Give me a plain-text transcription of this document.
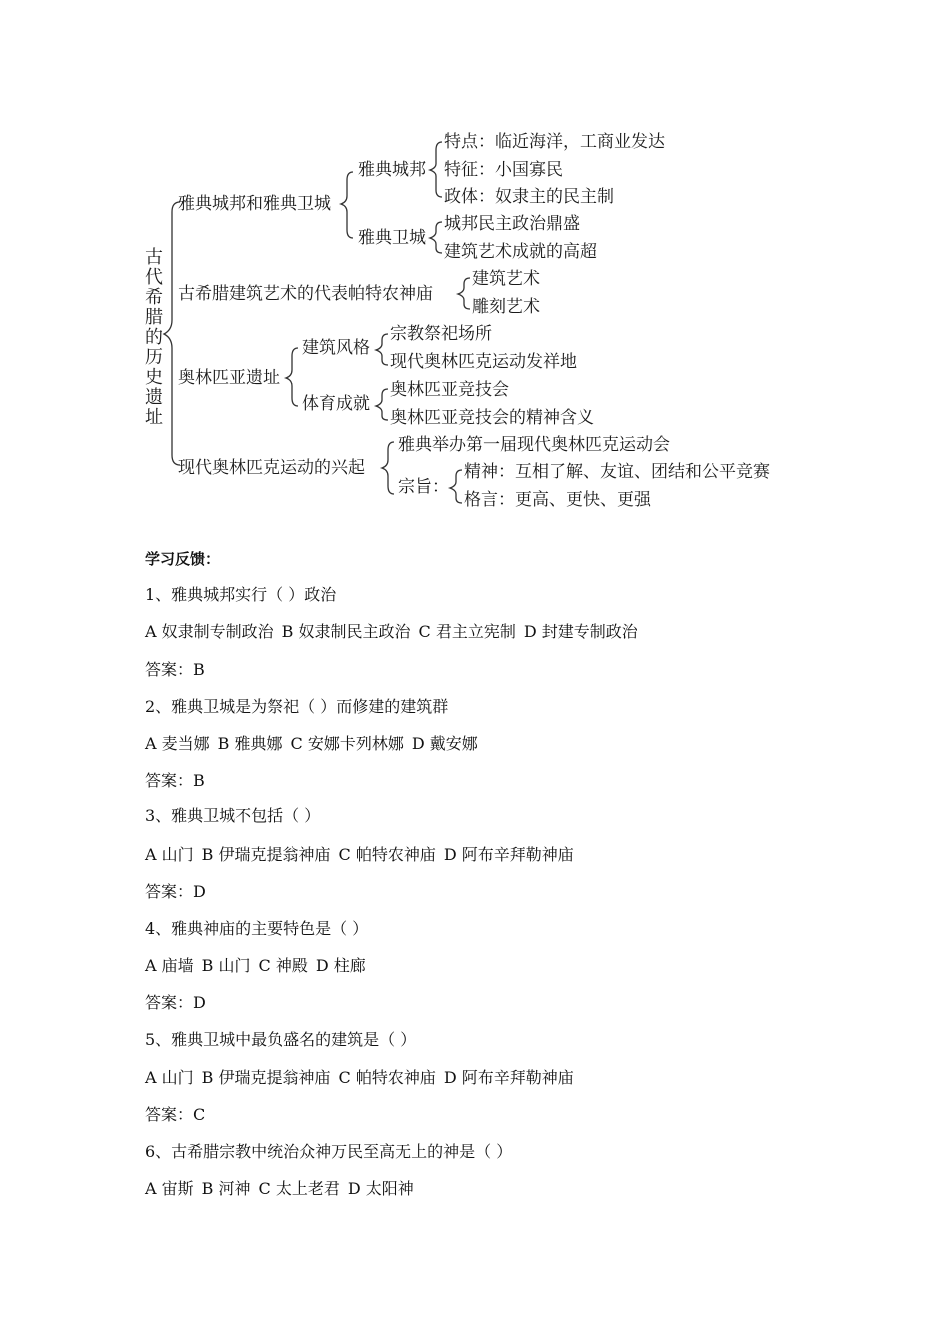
古代希腊的历史遗址
雅典城邦和雅典卫城
雅典城邦
特点：临近海洋，工商业发达
特征：小国寡民
政体：奴隶主的民主制
雅典卫城
城邦民主政治鼎盛
建筑艺术成就的高超
古希腊建筑艺术的代表帕特农神庙
建筑艺术
雕刻艺术
奥林匹亚遗址
建筑风格
宗教祭祀场所
现代奥林匹克运动发祥地
体育成就
奥林匹亚竞技会
奥林匹亚竞技会的精神含义
现代奥林匹克运动的兴起
雅典举办第一届现代奥林匹克运动会
宗旨：
精神：互相了解、友谊、团结和公平竞赛
格言：更高、更快、更强
学习反馈：
1、雅典城邦实行（ ）政治
A 奴隶制专制政治 B 奴隶制民主政治 C 君主立宪制 D 封建专制政治
答案：B
2、雅典卫城是为祭祀（ ）而修建的建筑群
A 麦当娜 B 雅典娜 C 安娜卡列林娜 D 戴安娜
答案：B
3、雅典卫城不包括（ ）
A 山门 B 伊瑞克提翁神庙 C 帕特农神庙 D 阿布辛拜勒神庙
答案：D
4、雅典神庙的主要特色是（ ）
A 庙墙 B 山门 C 神殿 D 柱廊
答案：D
5、雅典卫城中最负盛名的建筑是（ ）
A 山门 B 伊瑞克提翁神庙 C 帕特农神庙 D 阿布辛拜勒神庙
答案：C
6、古希腊宗教中统治众神万民至高无上的神是（ ）
A 宙斯 B 河神 C 太上老君 D 太阳神
